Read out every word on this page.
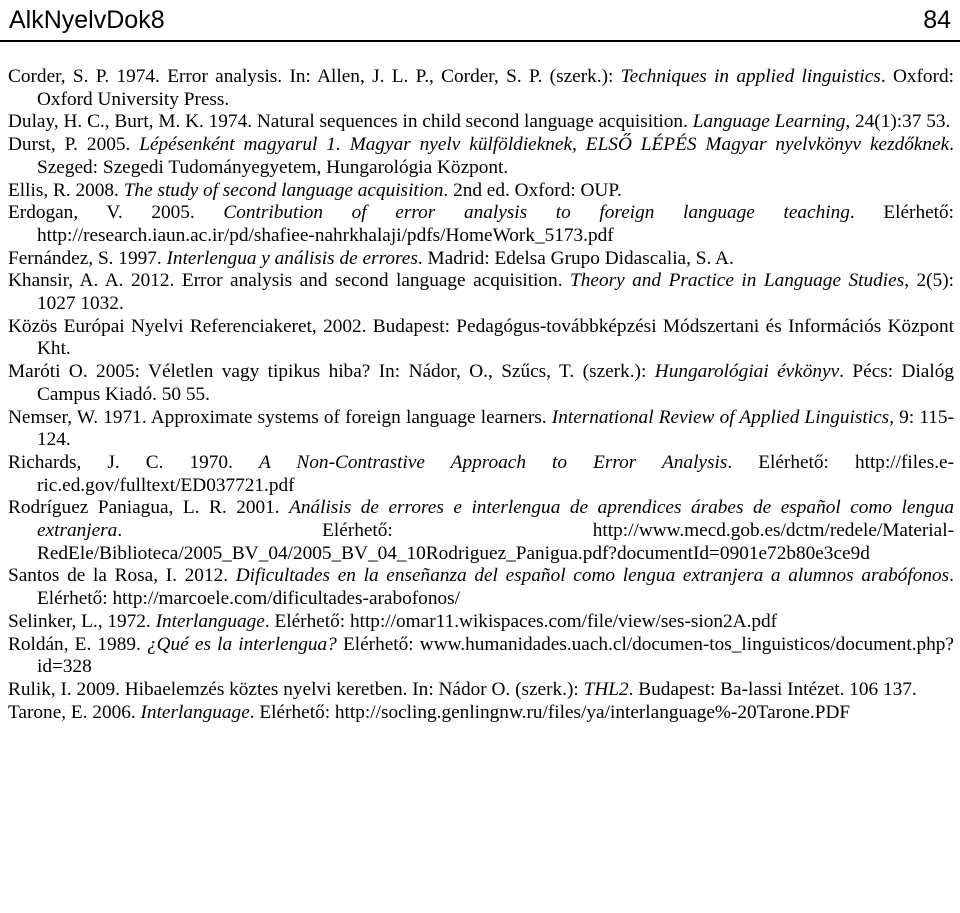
AlkNyelvDok8	84
Corder, S. P. 1974. Error analysis. In: Allen, J. L. P., Corder, S. P. (szerk.): Techniques in applied linguistics. Oxford: Oxford University Press.
Dulay, H. C., Burt, M. K. 1974. Natural sequences in child second language acquisition. Language Learning, 24(1):37 53.
Durst, P. 2005. Lépésenként magyarul 1. Magyar nyelv külföldieknek, ELSŐ LÉPÉS Magyar nyelvkönyv kezdőknek. Szeged: Szegedi Tudományegyetem, Hungarológia Központ.
Ellis, R. 2008. The study of second language acquisition. 2nd ed. Oxford: OUP.
Erdogan, V. 2005. Contribution of error analysis to foreign language teaching. Elérhető: http://research.iaun.ac.ir/pd/shafiee-nahrkhalaji/pdfs/HomeWork_5173.pdf
Fernández, S. 1997. Interlengua y análisis de errores. Madrid: Edelsa Grupo Didascalia, S. A.
Khansir, A. A. 2012. Error analysis and second language acquisition. Theory and Practice in Language Studies, 2(5): 1027 1032.
Közös Európai Nyelvi Referenciakeret, 2002. Budapest: Pedagógus-továbbképzési Módszertani és Információs Központ Kht.
Maróti O. 2005: Véletlen vagy tipikus hiba? In: Nádor, O., Szűcs, T. (szerk.): Hungarológiai évkönyv. Pécs: Dialóg Campus Kiadó. 50 55.
Nemser, W. 1971. Approximate systems of foreign language learners. International Review of Applied Linguistics, 9: 115-124.
Richards, J. C. 1970. A Non-Contrastive Approach to Error Analysis. Elérhető: http://files.e-ric.ed.gov/fulltext/ED037721.pdf
Rodríguez Paniagua, L. R. 2001. Análisis de errores e interlengua de aprendices árabes de español como lengua extranjera. Elérhető: http://www.mecd.gob.es/dctm/redele/Material-RedEle/Biblioteca/2005_BV_04/2005_BV_04_10Rodriguez_Panigua.pdf?documentId=0901e72b80e3ce9d
Santos de la Rosa, I. 2012. Dificultades en la enseñanza del español como lengua extranjera a alumnos arabófonos. Elérhető: http://marcoele.com/dificultades-arabofonos/
Selinker, L., 1972. Interlanguage. Elérhető: http://omar11.wikispaces.com/file/view/ses-sion2A.pdf
Roldán, E. 1989. ¿Qué es la interlengua? Elérhető: www.humanidades.uach.cl/documen-tos_linguisticos/document.php?id=328
Rulik, I. 2009. Hibaelemzés köztes nyelvi keretben. In: Nádor O. (szerk.): THL2. Budapest: Ba-lassi Intézet. 106 137.
Tarone, E. 2006. Interlanguage. Elérhető: http://socling.genlingnw.ru/files/ya/interlanguage%-20Tarone.PDF
